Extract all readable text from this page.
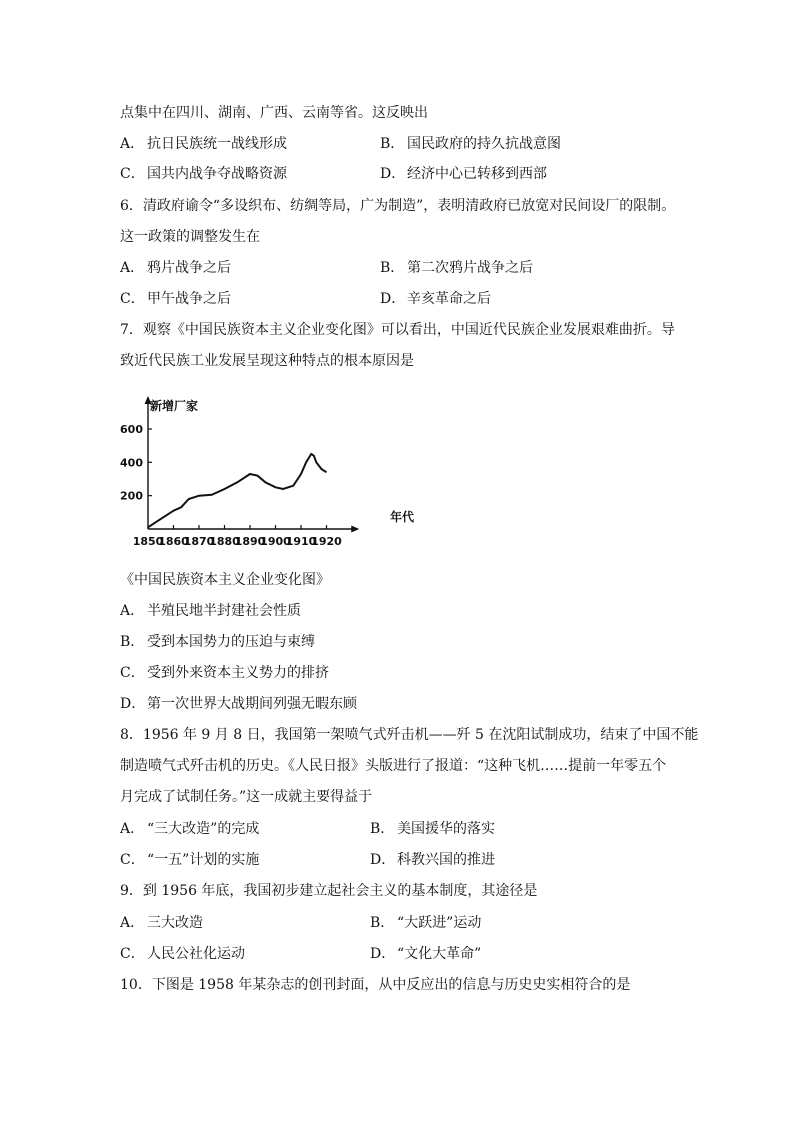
点集中在四川、湖南、广西、云南等省。这反映出
A． 抗日民族统一战线形成	B． 国民政府的持久抗战意图
C． 国共内战争夺战略资源	D． 经济中心已转移到西部
6．清政府谕令“多设织布、纺绸等局，广为制造”，表明清政府已放宽对民间设厂的限制。
这一政策的调整发生在
A． 鸦片战争之后	B． 第二次鸦片战争之后
C． 甲午战争之后	D． 辛亥革命之后
7．观察《中国民族资本主义企业变化图》可以看出，中国近代民族企业发展艰难曲折。导
致近代民族工业发展呈现这种特点的根本原因是
200
400
600
1850
1860
1870
1880
1890
1900
1910
1920
新增厂家
年代
《中国民族资本主义企业变化图》
A． 半殖民地半封建社会性质
B． 受到本国势力的压迫与束缚
C． 受到外来资本主义势力的排挤
D． 第一次世界大战期间列强无暇东顾
8．1956 年 9 月 8 日，我国第一架喷气式歼击机——歼 5 在沈阳试制成功，结束了中国不能
制造喷气式歼击机的历史。《人民日报》头版进行了报道：“这种飞机……提前一年零五个
月完成了试制任务。”这一成就主要得益于
A． “三大改造”的完成	B． 美国援华的落实
C． “一五”计划的实施	D． 科教兴国的推进
9．到 1956 年底，我国初步建立起社会主义的基本制度，其途径是
A． 三大改造	B． “大跃进”运动
C． 人民公社化运动	D． “文化大革命”
10．下图是 1958 年某杂志的创刊封面，从中反应出的信息与历史史实相符合的是
